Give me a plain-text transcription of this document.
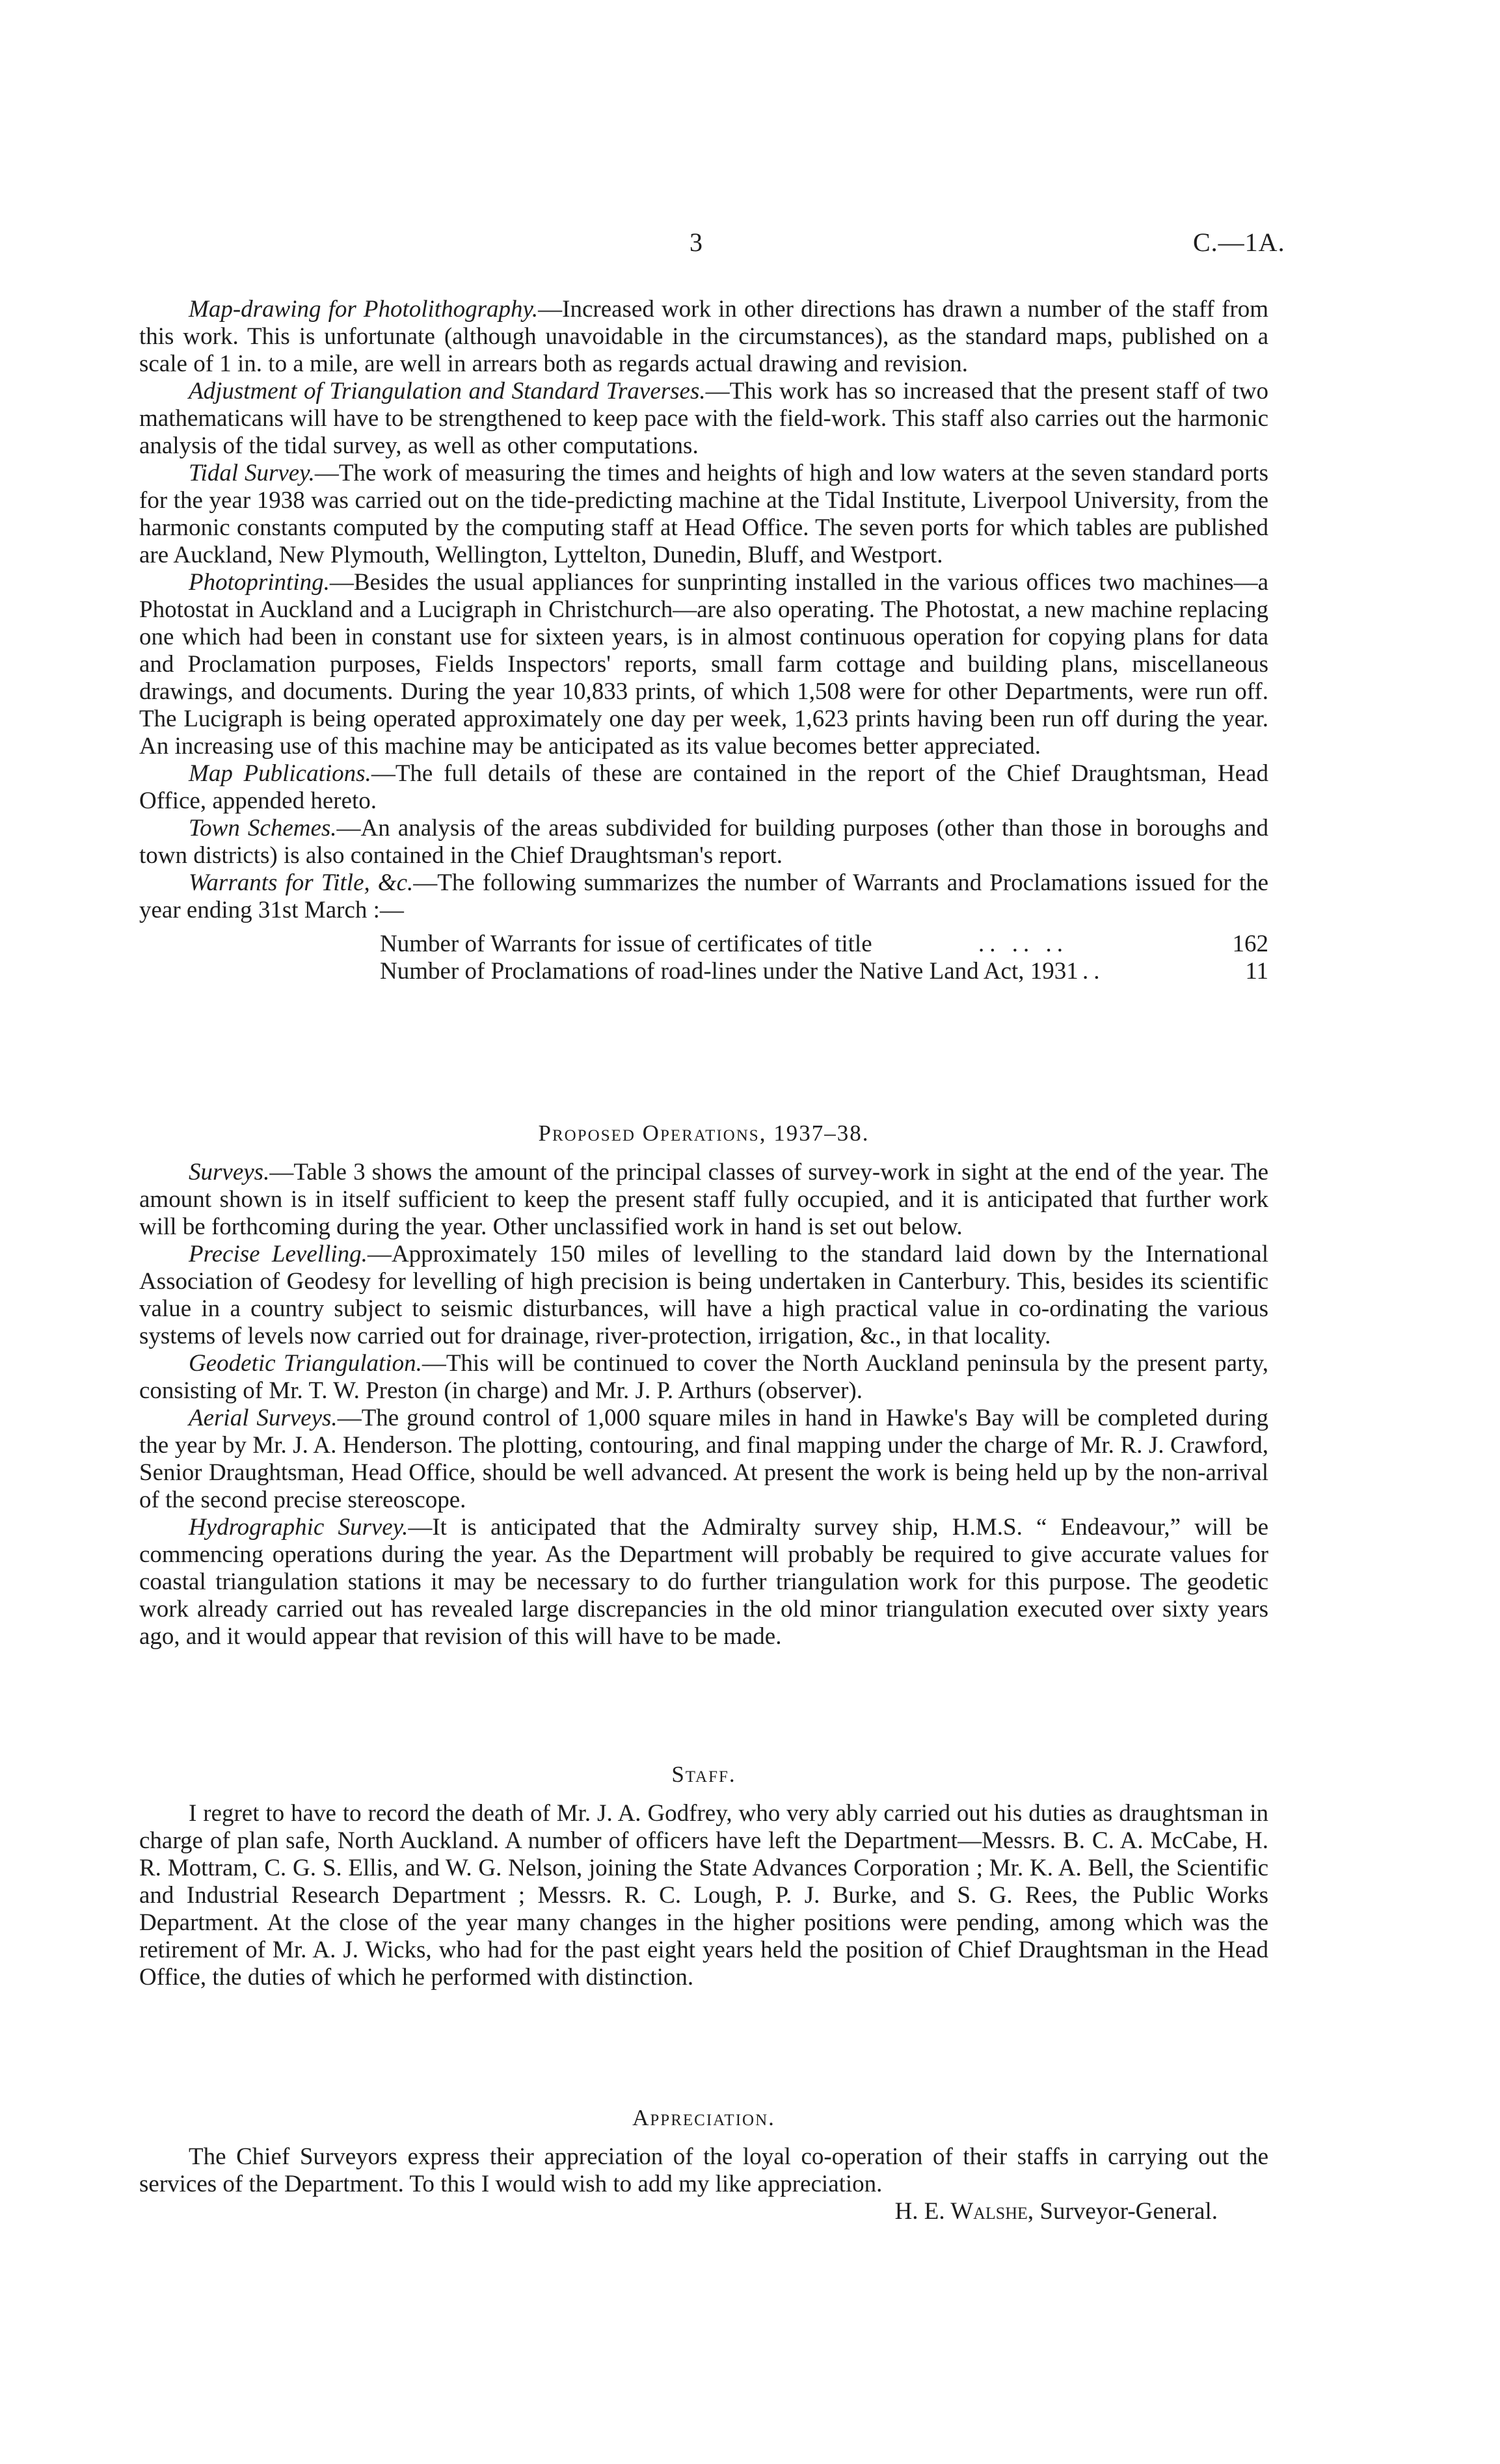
3	C.—1A.

Map-drawing for Photolithography.—Increased work in other directions has drawn a number of the staff from this work. This is unfortunate (although unavoidable in the circumstances), as the standard maps, published on a scale of 1 in. to a mile, are well in arrears both as regards actual drawing and revision.

Adjustment of Triangulation and Standard Traverses.—This work has so increased that the present staff of two mathematicans will have to be strengthened to keep pace with the field-work. This staff also carries out the harmonic analysis of the tidal survey, as well as other computations.

Tidal Survey.—The work of measuring the times and heights of high and low waters at the seven standard ports for the year 1938 was carried out on the tide-predicting machine at the Tidal Institute, Liverpool University, from the harmonic constants computed by the computing staff at Head Office. The seven ports for which tables are published are Auckland, New Plymouth, Wellington, Lyttelton, Dunedin, Bluff, and Westport.

Photoprinting.—Besides the usual appliances for sunprinting installed in the various offices two machines—a Photostat in Auckland and a Lucigraph in Christchurch—are also operating. The Photostat, a new machine replacing one which had been in constant use for sixteen years, is in almost continuous operation for copying plans for data and Proclamation purposes, Fields Inspectors' reports, small farm cottage and building plans, miscellaneous drawings, and documents. During the year 10,833 prints, of which 1,508 were for other Departments, were run off. The Lucigraph is being operated approximately one day per week, 1,623 prints having been run off during the year. An increasing use of this machine may be anticipated as its value becomes better appreciated.

Map Publications.—The full details of these are contained in the report of the Chief Draughtsman, Head Office, appended hereto.

Town Schemes.—An analysis of the areas subdivided for building purposes (other than those in boroughs and town districts) is also contained in the Chief Draughtsman's report.

Warrants for Title, &c.—The following summarizes the number of Warrants and Proclamations issued for the year ending 31st March :—

Number of Warrants for issue of certificates of title	.. .. ..	162
Number of Proclamations of road-lines under the Native Land Act, 1931 ..	11

Proposed Operations, 1937–38.

Surveys.—Table 3 shows the amount of the principal classes of survey-work in sight at the end of the year. The amount shown is in itself sufficient to keep the present staff fully occupied, and it is anticipated that further work will be forthcoming during the year. Other unclassified work in hand is set out below.

Precise Levelling.—Approximately 150 miles of levelling to the standard laid down by the International Association of Geodesy for levelling of high precision is being undertaken in Canterbury. This, besides its scientific value in a country subject to seismic disturbances, will have a high practical value in co-ordinating the various systems of levels now carried out for drainage, river-protection, irrigation, &c., in that locality.

Geodetic Triangulation.—This will be continued to cover the North Auckland peninsula by the present party, consisting of Mr. T. W. Preston (in charge) and Mr. J. P. Arthurs (observer).

Aerial Surveys.—The ground control of 1,000 square miles in hand in Hawke's Bay will be completed during the year by Mr. J. A. Henderson. The plotting, contouring, and final mapping under the charge of Mr. R. J. Crawford, Senior Draughtsman, Head Office, should be well advanced. At present the work is being held up by the non-arrival of the second precise stereoscope.

Hydrographic Survey.—It is anticipated that the Admiralty survey ship, H.M.S. “ Endeavour,” will be commencing operations during the year. As the Department will probably be required to give accurate values for coastal triangulation stations it may be necessary to do further triangulation work for this purpose. The geodetic work already carried out has revealed large discrepancies in the old minor triangulation executed over sixty years ago, and it would appear that revision of this will have to be made.

Staff.

I regret to have to record the death of Mr. J. A. Godfrey, who very ably carried out his duties as draughtsman in charge of plan safe, North Auckland. A number of officers have left the Department—Messrs. B. C. A. McCabe, H. R. Mottram, C. G. S. Ellis, and W. G. Nelson, joining the State Advances Corporation ; Mr. K. A. Bell, the Scientific and Industrial Research Department ; Messrs. R. C. Lough, P. J. Burke, and S. G. Rees, the Public Works Department. At the close of the year many changes in the higher positions were pending, among which was the retirement of Mr. A. J. Wicks, who had for the past eight years held the position of Chief Draughtsman in the Head Office, the duties of which he performed with distinction.

Appreciation.

The Chief Surveyors express their appreciation of the loyal co-operation of their staffs in carrying out the services of the Department. To this I would wish to add my like appreciation.

H. E. Walshe, Surveyor-General.
